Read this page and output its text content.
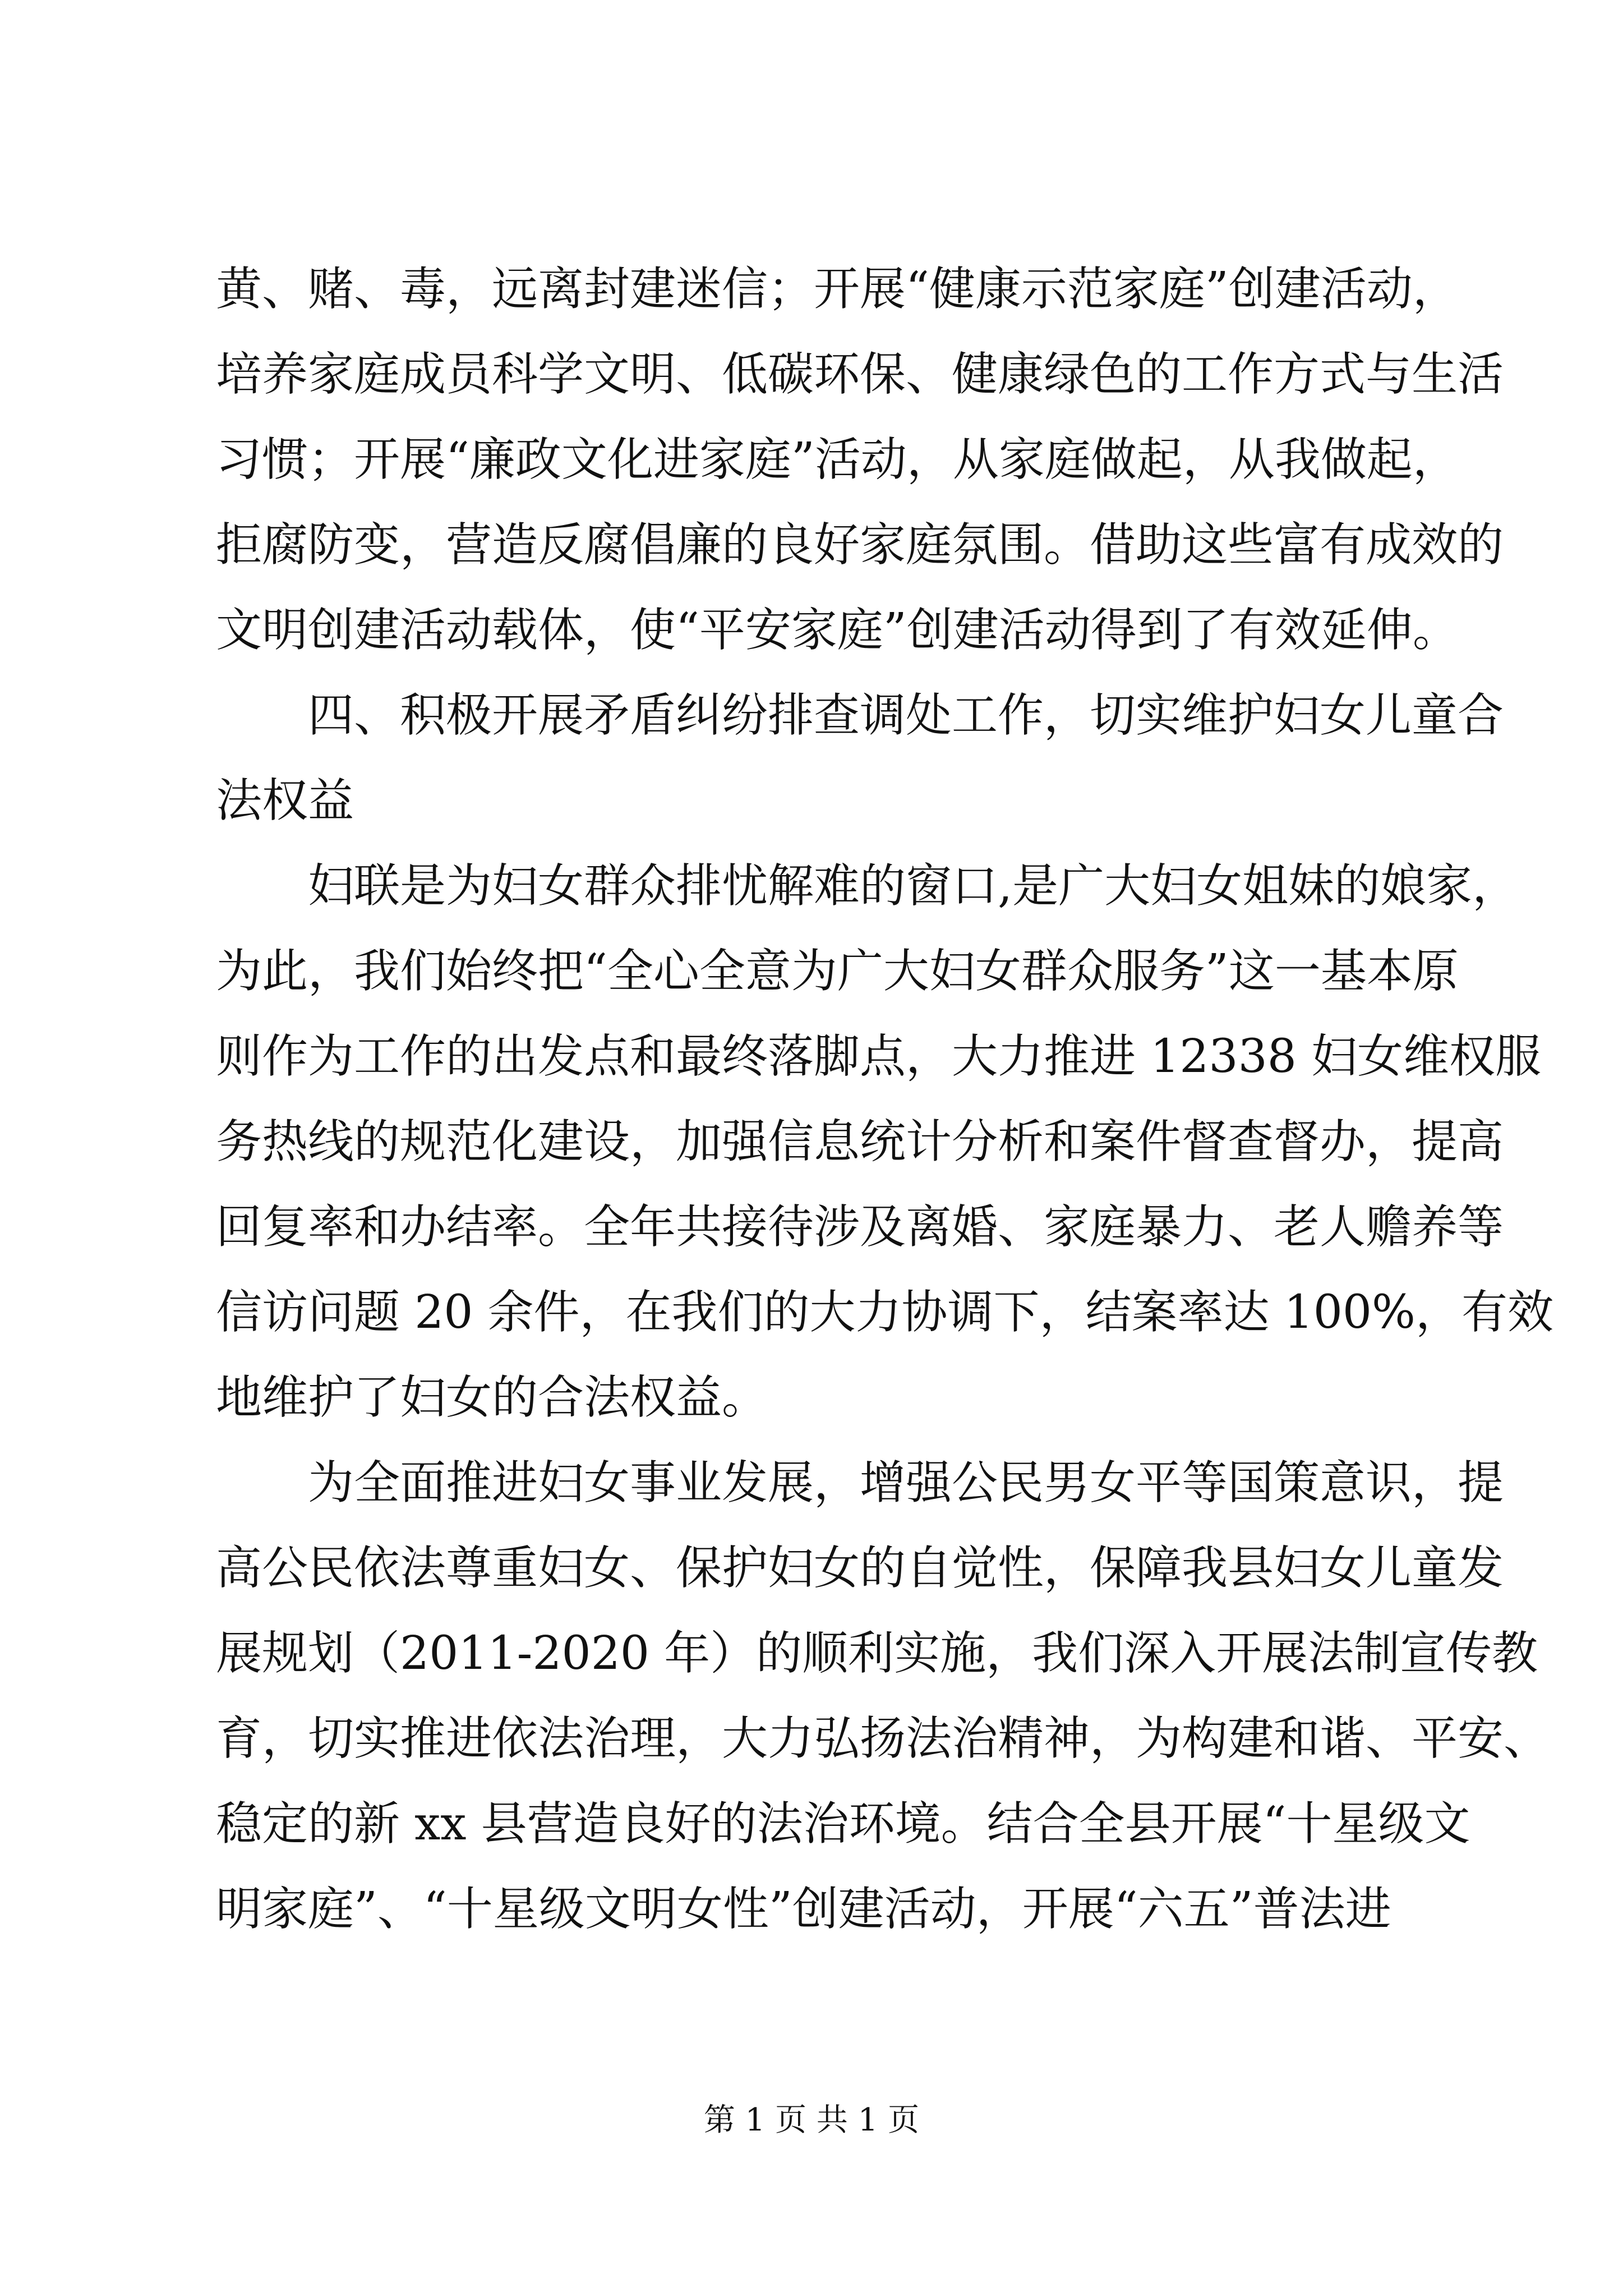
黄、赌、毒，远离封建迷信；开展“健康示范家庭”创建活动，
培养家庭成员科学文明、低碳环保、健康绿色的工作方式与生活
习惯；开展“廉政文化进家庭”活动，从家庭做起，从我做起，
拒腐防变，营造反腐倡廉的良好家庭氛围。借助这些富有成效的
文明创建活动载体，使“平安家庭”创建活动得到了有效延伸。
　　四、积极开展矛盾纠纷排查调处工作，切实维护妇女儿童合
法权益
　　妇联是为妇女群众排忧解难的窗口,是广大妇女姐妹的娘家，
为此，我们始终把“全心全意为广大妇女群众服务”这一基本原
则作为工作的出发点和最终落脚点，大力推进 12338 妇女维权服
务热线的规范化建设，加强信息统计分析和案件督查督办，提高
回复率和办结率。全年共接待涉及离婚、家庭暴力、老人赡养等
信访问题 20 余件，在我们的大力协调下，结案率达 100%，有效
地维护了妇女的合法权益。
　　为全面推进妇女事业发展，增强公民男女平等国策意识，提
高公民依法尊重妇女、保护妇女的自觉性，保障我县妇女儿童发
展规划（2011-2020 年）的顺利实施，我们深入开展法制宣传教
育，切实推进依法治理，大力弘扬法治精神，为构建和谐、平安、
稳定的新 xx 县营造良好的法治环境。结合全县开展“十星级文
明家庭”、“十星级文明女性”创建活动，开展“六五”普法进
第 1 页 共 1 页
